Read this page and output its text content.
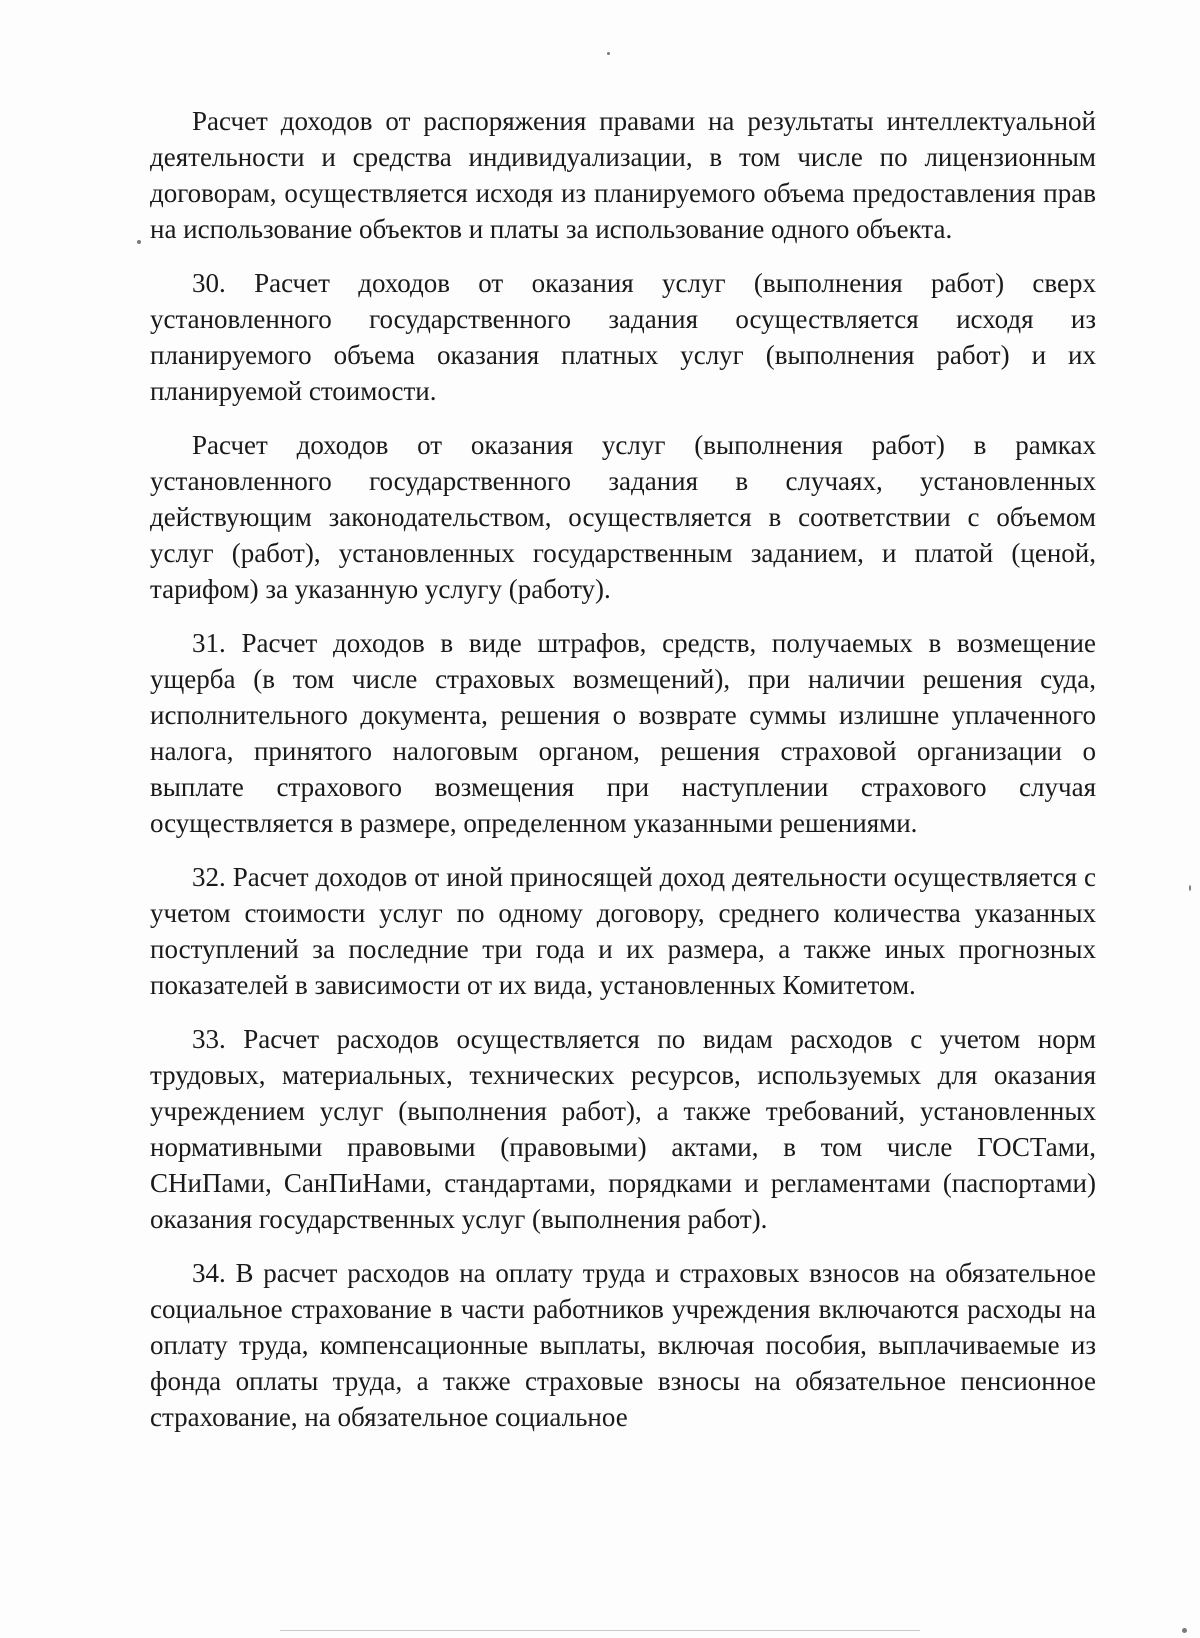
Расчет доходов от распоряжения правами на результаты интеллектуальной деятельности и средства индивидуализации, в том числе по лицензионным договорам, осуществляется исходя из планируемого объема предоставления прав на использование объектов и платы за использование одного объекта.

30. Расчет доходов от оказания услуг (выполнения работ) сверх установленного государственного задания осуществляется исходя из планируемого объема оказания платных услуг (выполнения работ) и их планируемой стоимости.

Расчет доходов от оказания услуг (выполнения работ) в рамках установленного государственного задания в случаях, установленных действующим законодательством, осуществляется в соответствии с объемом услуг (работ), установленных государственным заданием, и платой (ценой, тарифом) за указанную услугу (работу).

31. Расчет доходов в виде штрафов, средств, получаемых в возмещение ущерба (в том числе страховых возмещений), при наличии решения суда, исполнительного документа, решения о возврате суммы излишне уплаченного налога, принятого налоговым органом, решения страховой организации о выплате страхового возмещения при наступлении страхового случая осуществляется в размере, определенном указанными решениями.

32. Расчет доходов от иной приносящей доход деятельности осуществляется с учетом стоимости услуг по одному договору, среднего количества указанных поступлений за последние три года и их размера, а также иных прогнозных показателей в зависимости от их вида, установленных Комитетом.

33. Расчет расходов осуществляется по видам расходов с учетом норм трудовых, материальных, технических ресурсов, используемых для оказания учреждением услуг (выполнения работ), а также требований, установленных нормативными правовыми (правовыми) актами, в том числе ГОСТами, СНиПами, СанПиНами, стандартами, порядками и регламентами (паспортами) оказания государственных услуг (выполнения работ).

34. В расчет расходов на оплату труда и страховых взносов на обязательное социальное страхование в части работников учреждения включаются расходы на оплату труда, компенсационные выплаты, включая пособия, выплачиваемые из фонда оплаты труда, а также страховые взносы на обязательное пенсионное страхование, на обязательное социальное
